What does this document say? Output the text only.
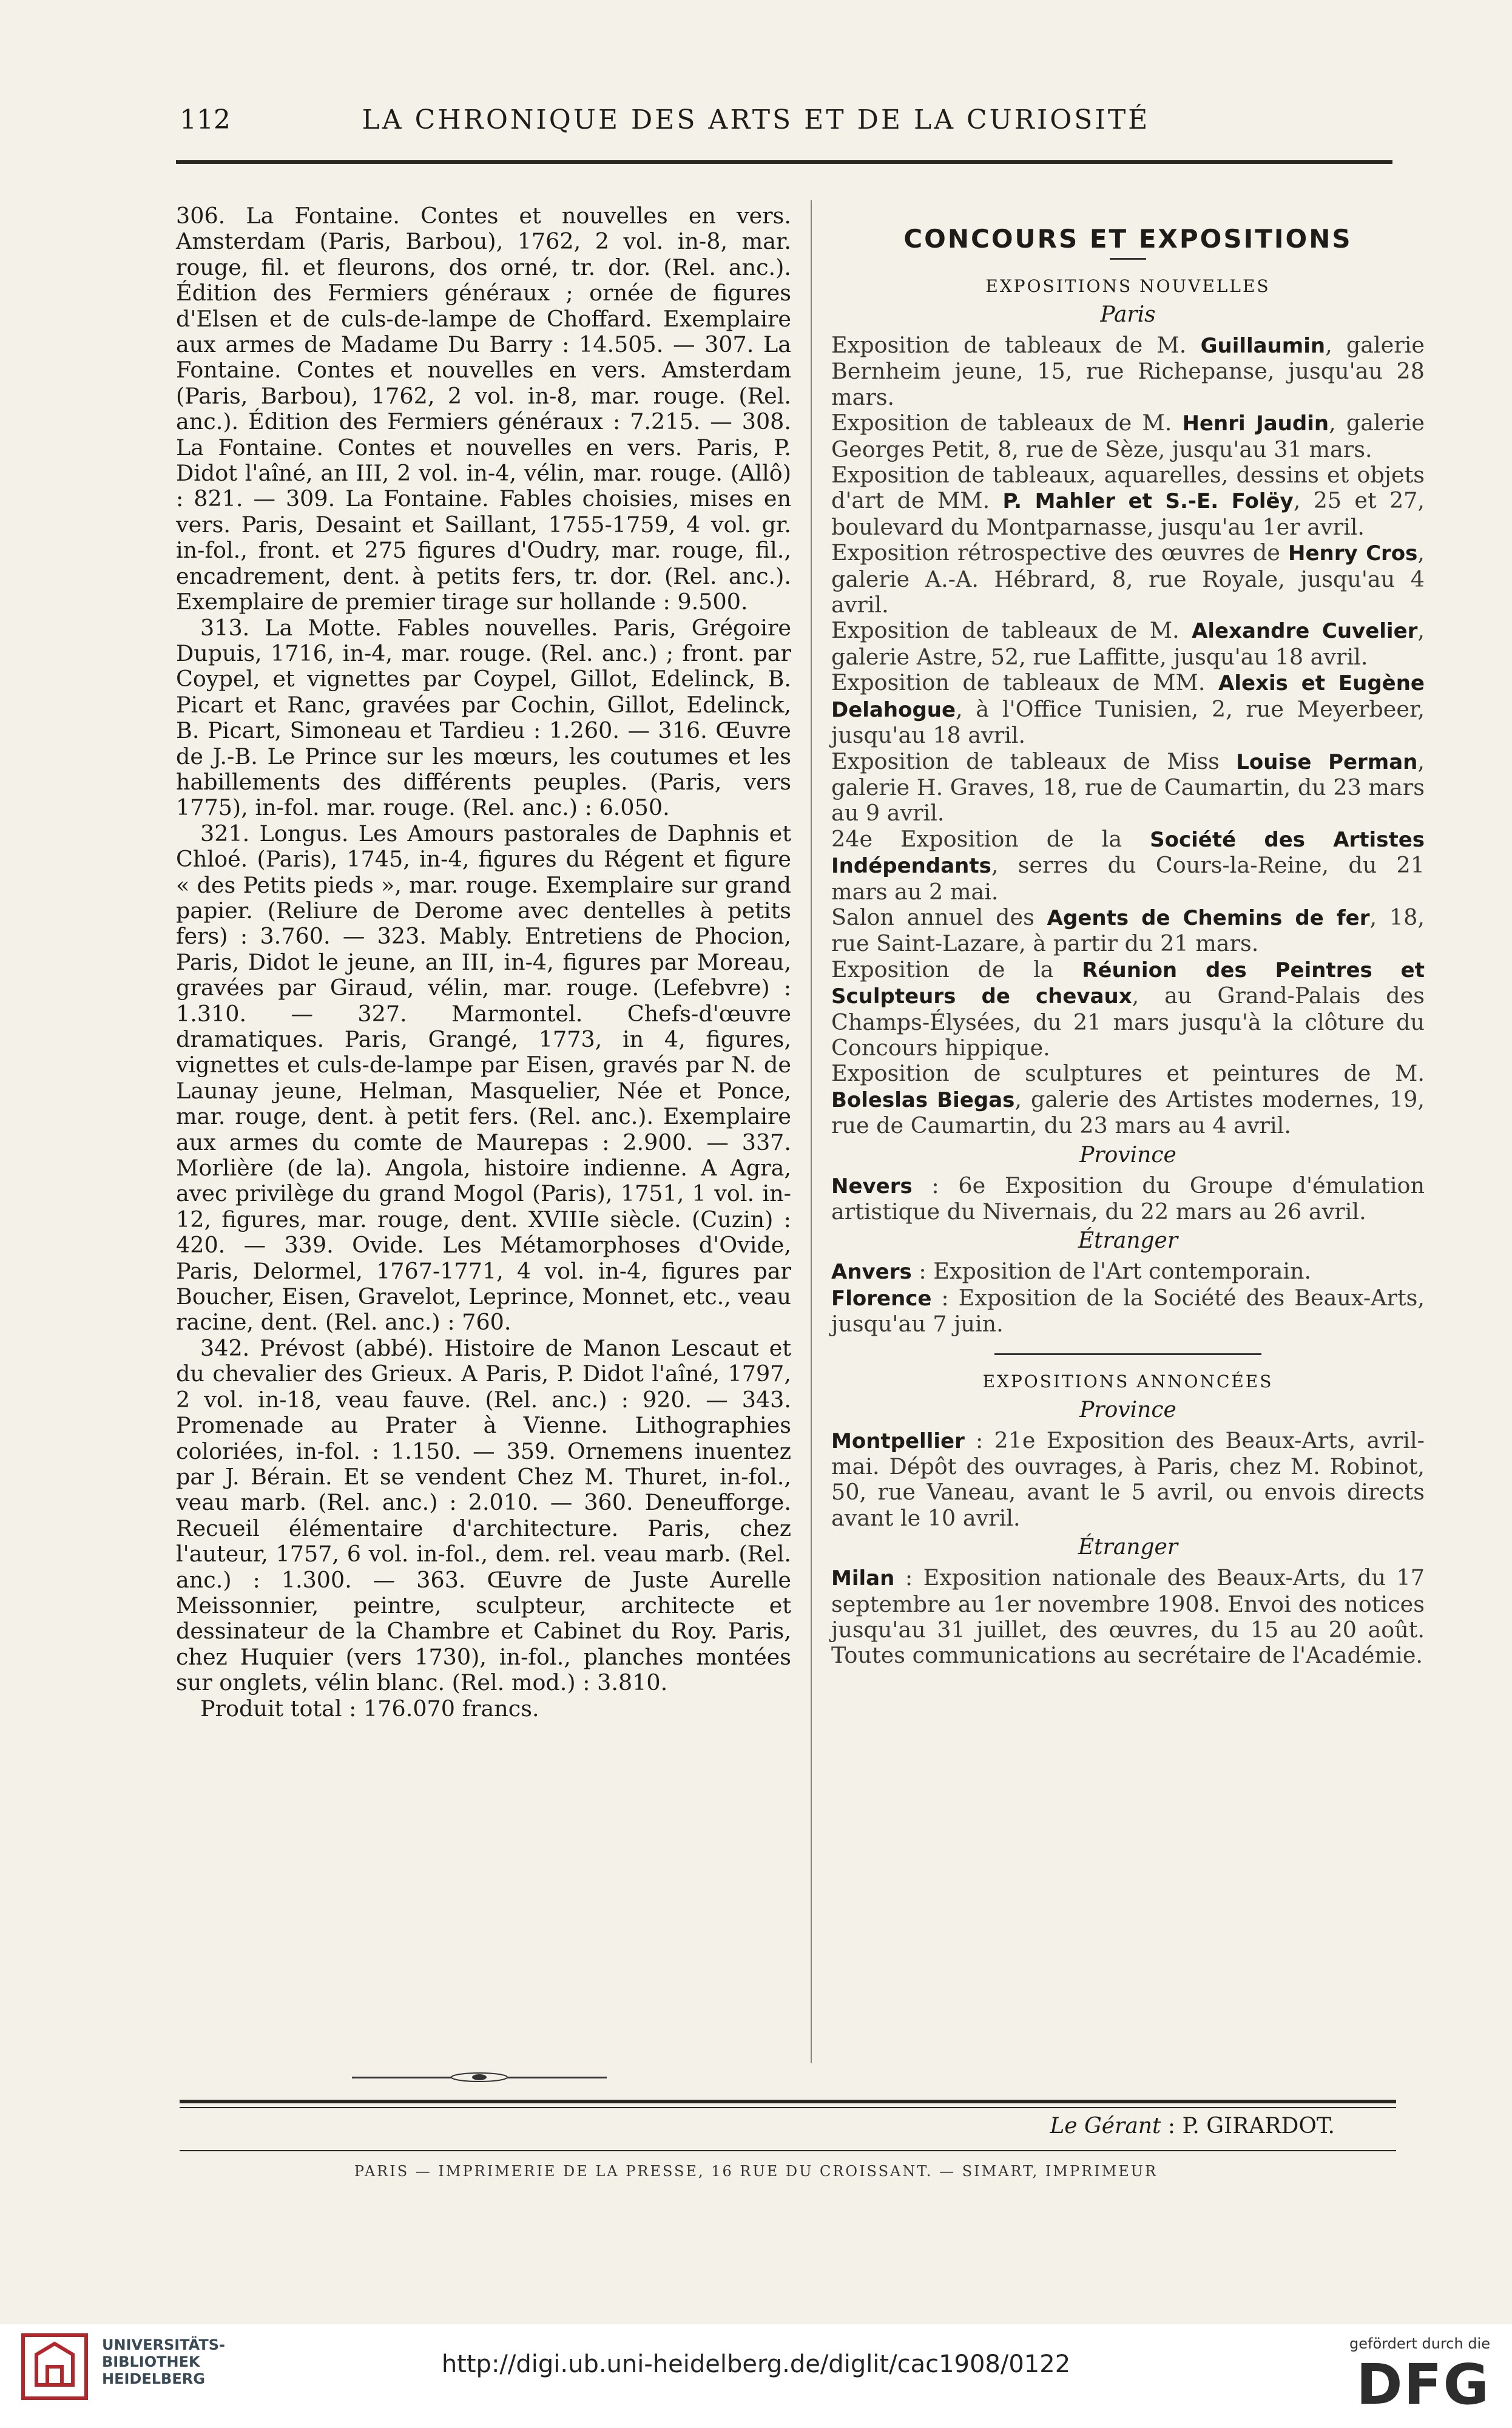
112	LA CHRONIQUE DES ARTS ET DE LA CURIOSITÉ

306. La Fontaine. Contes et nouvelles en vers. Amsterdam (Paris, Barbou), 1762, 2 vol. in-8, mar. rouge, fil. et fleurons, dos orné, tr. dor. (Rel. anc.). Édition des Fermiers généraux ; ornée de figures d'Elsen et de culs-de-lampe de Choffard. Exemplaire aux armes de Madame Du Barry : 14.505. — 307. La Fontaine. Contes et nouvelles en vers. Amsterdam (Paris, Barbou), 1762, 2 vol. in-8, mar. rouge. (Rel. anc.). Édition des Fermiers généraux : 7.215. — 308. La Fontaine. Contes et nouvelles en vers. Paris, P. Didot l'aîné, an III, 2 vol. in-4, vélin, mar. rouge. (Allô) : 821. — 309. La Fontaine. Fables choisies, mises en vers. Paris, Desaint et Saillant, 1755-1759, 4 vol. gr. in-fol., front. et 275 figures d'Oudry, mar. rouge, fil., encadrement, dent. à petits fers, tr. dor. (Rel. anc.). Exemplaire de premier tirage sur hollande : 9.500.

313. La Motte. Fables nouvelles. Paris, Grégoire Dupuis, 1716, in-4, mar. rouge. (Rel. anc.) ; front. par Coypel, et vignettes par Coypel, Gillot, Edelinck, B. Picart et Ranc, gravées par Cochin, Gillot, Edelinck, B. Picart, Simoneau et Tardieu : 1.260. — 316. Œuvre de J.-B. Le Prince sur les mœurs, les coutumes et les habillements des différents peuples. (Paris, vers 1775), in-fol. mar. rouge. (Rel. anc.) : 6.050.

321. Longus. Les Amours pastorales de Daphnis et Chloé. (Paris), 1745, in-4, figures du Régent et figure « des Petits pieds », mar. rouge. Exemplaire sur grand papier. (Reliure de Derome avec dentelles à petits fers) : 3.760. — 323. Mably. Entretiens de Phocion, Paris, Didot le jeune, an III, in-4, figures par Moreau, gravées par Giraud, vélin, mar. rouge. (Lefebvre) : 1.310. — 327. Marmontel. Chefs-d'œuvre dramatiques. Paris, Grangé, 1773, in 4, figures, vignettes et culs-de-lampe par Eisen, gravés par N. de Launay jeune, Helman, Masquelier, Née et Ponce, mar. rouge, dent. à petit fers. (Rel. anc.). Exemplaire aux armes du comte de Maurepas : 2.900. — 337. Morlière (de la). Angola, histoire indienne. A Agra, avec privilège du grand Mogol (Paris), 1751, 1 vol. in-12, figures, mar. rouge, dent. XVIIIe siècle. (Cuzin) : 420. — 339. Ovide. Les Métamorphoses d'Ovide, Paris, Delormel, 1767-1771, 4 vol. in-4, figures par Boucher, Eisen, Gravelot, Leprince, Monnet, etc., veau racine, dent. (Rel. anc.) : 760.

342. Prévost (abbé). Histoire de Manon Lescaut et du chevalier des Grieux. A Paris, P. Didot l'aîné, 1797, 2 vol. in-18, veau fauve. (Rel. anc.) : 920. — 343. Promenade au Prater à Vienne. Lithographies coloriées, in-fol. : 1.150. — 359. Ornemens inuentez par J. Bérain. Et se vendent Chez M. Thuret, in-fol., veau marb. (Rel. anc.) : 2.010. — 360. Deneufforge. Recueil élémentaire d'architecture. Paris, chez l'auteur, 1757, 6 vol. in-fol., dem. rel. veau marb. (Rel. anc.) : 1.300. — 363. Œuvre de Juste Aurelle Meissonnier, peintre, sculpteur, architecte et dessinateur de la Chambre et Cabinet du Roy. Paris, chez Huquier (vers 1730), in-fol., planches montées sur onglets, vélin blanc. (Rel. mod.) : 3.810.

Produit total : 176.070 francs.

CONCOURS ET EXPOSITIONS
EXPOSITIONS NOUVELLES
Paris

Exposition de tableaux de M. Guillaumin, galerie Bernheim jeune, 15, rue Richepanse, jusqu'au 28 mars.

Exposition de tableaux de M. Henri Jaudin, galerie Georges Petit, 8, rue de Sèze, jusqu'au 31 mars.

Exposition de tableaux, aquarelles, dessins et objets d'art de MM. P. Mahler et S.-E. Folëy, 25 et 27, boulevard du Montparnasse, jusqu'au 1er avril.

Exposition rétrospective des œuvres de Henry Cros, galerie A.-A. Hébrard, 8, rue Royale, jusqu'au 4 avril.

Exposition de tableaux de M. Alexandre Cuvelier, galerie Astre, 52, rue Laffitte, jusqu'au 18 avril.

Exposition de tableaux de MM. Alexis et Eugène Delahogue, à l'Office Tunisien, 2, rue Meyerbeer, jusqu'au 18 avril.

Exposition de tableaux de Miss Louise Perman, galerie H. Graves, 18, rue de Caumartin, du 23 mars au 9 avril.

24e Exposition de la Société des Artistes Indépendants, serres du Cours-la-Reine, du 21 mars au 2 mai.

Salon annuel des Agents de Chemins de fer, 18, rue Saint-Lazare, à partir du 21 mars.

Exposition de la Réunion des Peintres et Sculpteurs de chevaux, au Grand-Palais des Champs-Élysées, du 21 mars jusqu'à la clôture du Concours hippique.

Exposition de sculptures et peintures de M. Boleslas Biegas, galerie des Artistes modernes, 19, rue de Caumartin, du 23 mars au 4 avril.

Province

Nevers : 6e Exposition du Groupe d'émulation artistique du Nivernais, du 22 mars au 26 avril.

Étranger

Anvers : Exposition de l'Art contemporain.

Florence : Exposition de la Société des Beaux-Arts, jusqu'au 7 juin.

EXPOSITIONS ANNONCÉES
Province

Montpellier : 21e Exposition des Beaux-Arts, avril-mai. Dépôt des ouvrages, à Paris, chez M. Robinot, 50, rue Vaneau, avant le 5 avril, ou envois directs avant le 10 avril.

Étranger

Milan : Exposition nationale des Beaux-Arts, du 17 septembre au 1er novembre 1908. Envoi des notices jusqu'au 31 juillet, des œuvres, du 15 au 20 août. Toutes communications au secrétaire de l'Académie.

Le Gérant : P. GIRARDOT.
PARIS — IMPRIMERIE DE LA PRESSE, 16 RUE DU CROISSANT. — SIMART, IMPRIMEUR
UNIVERSITÄTS-
BIBLIOTHEK
HEIDELBERG
http://digi.ub.uni-heidelberg.de/diglit/cac1908/0122
gefördert durch die
DFG
